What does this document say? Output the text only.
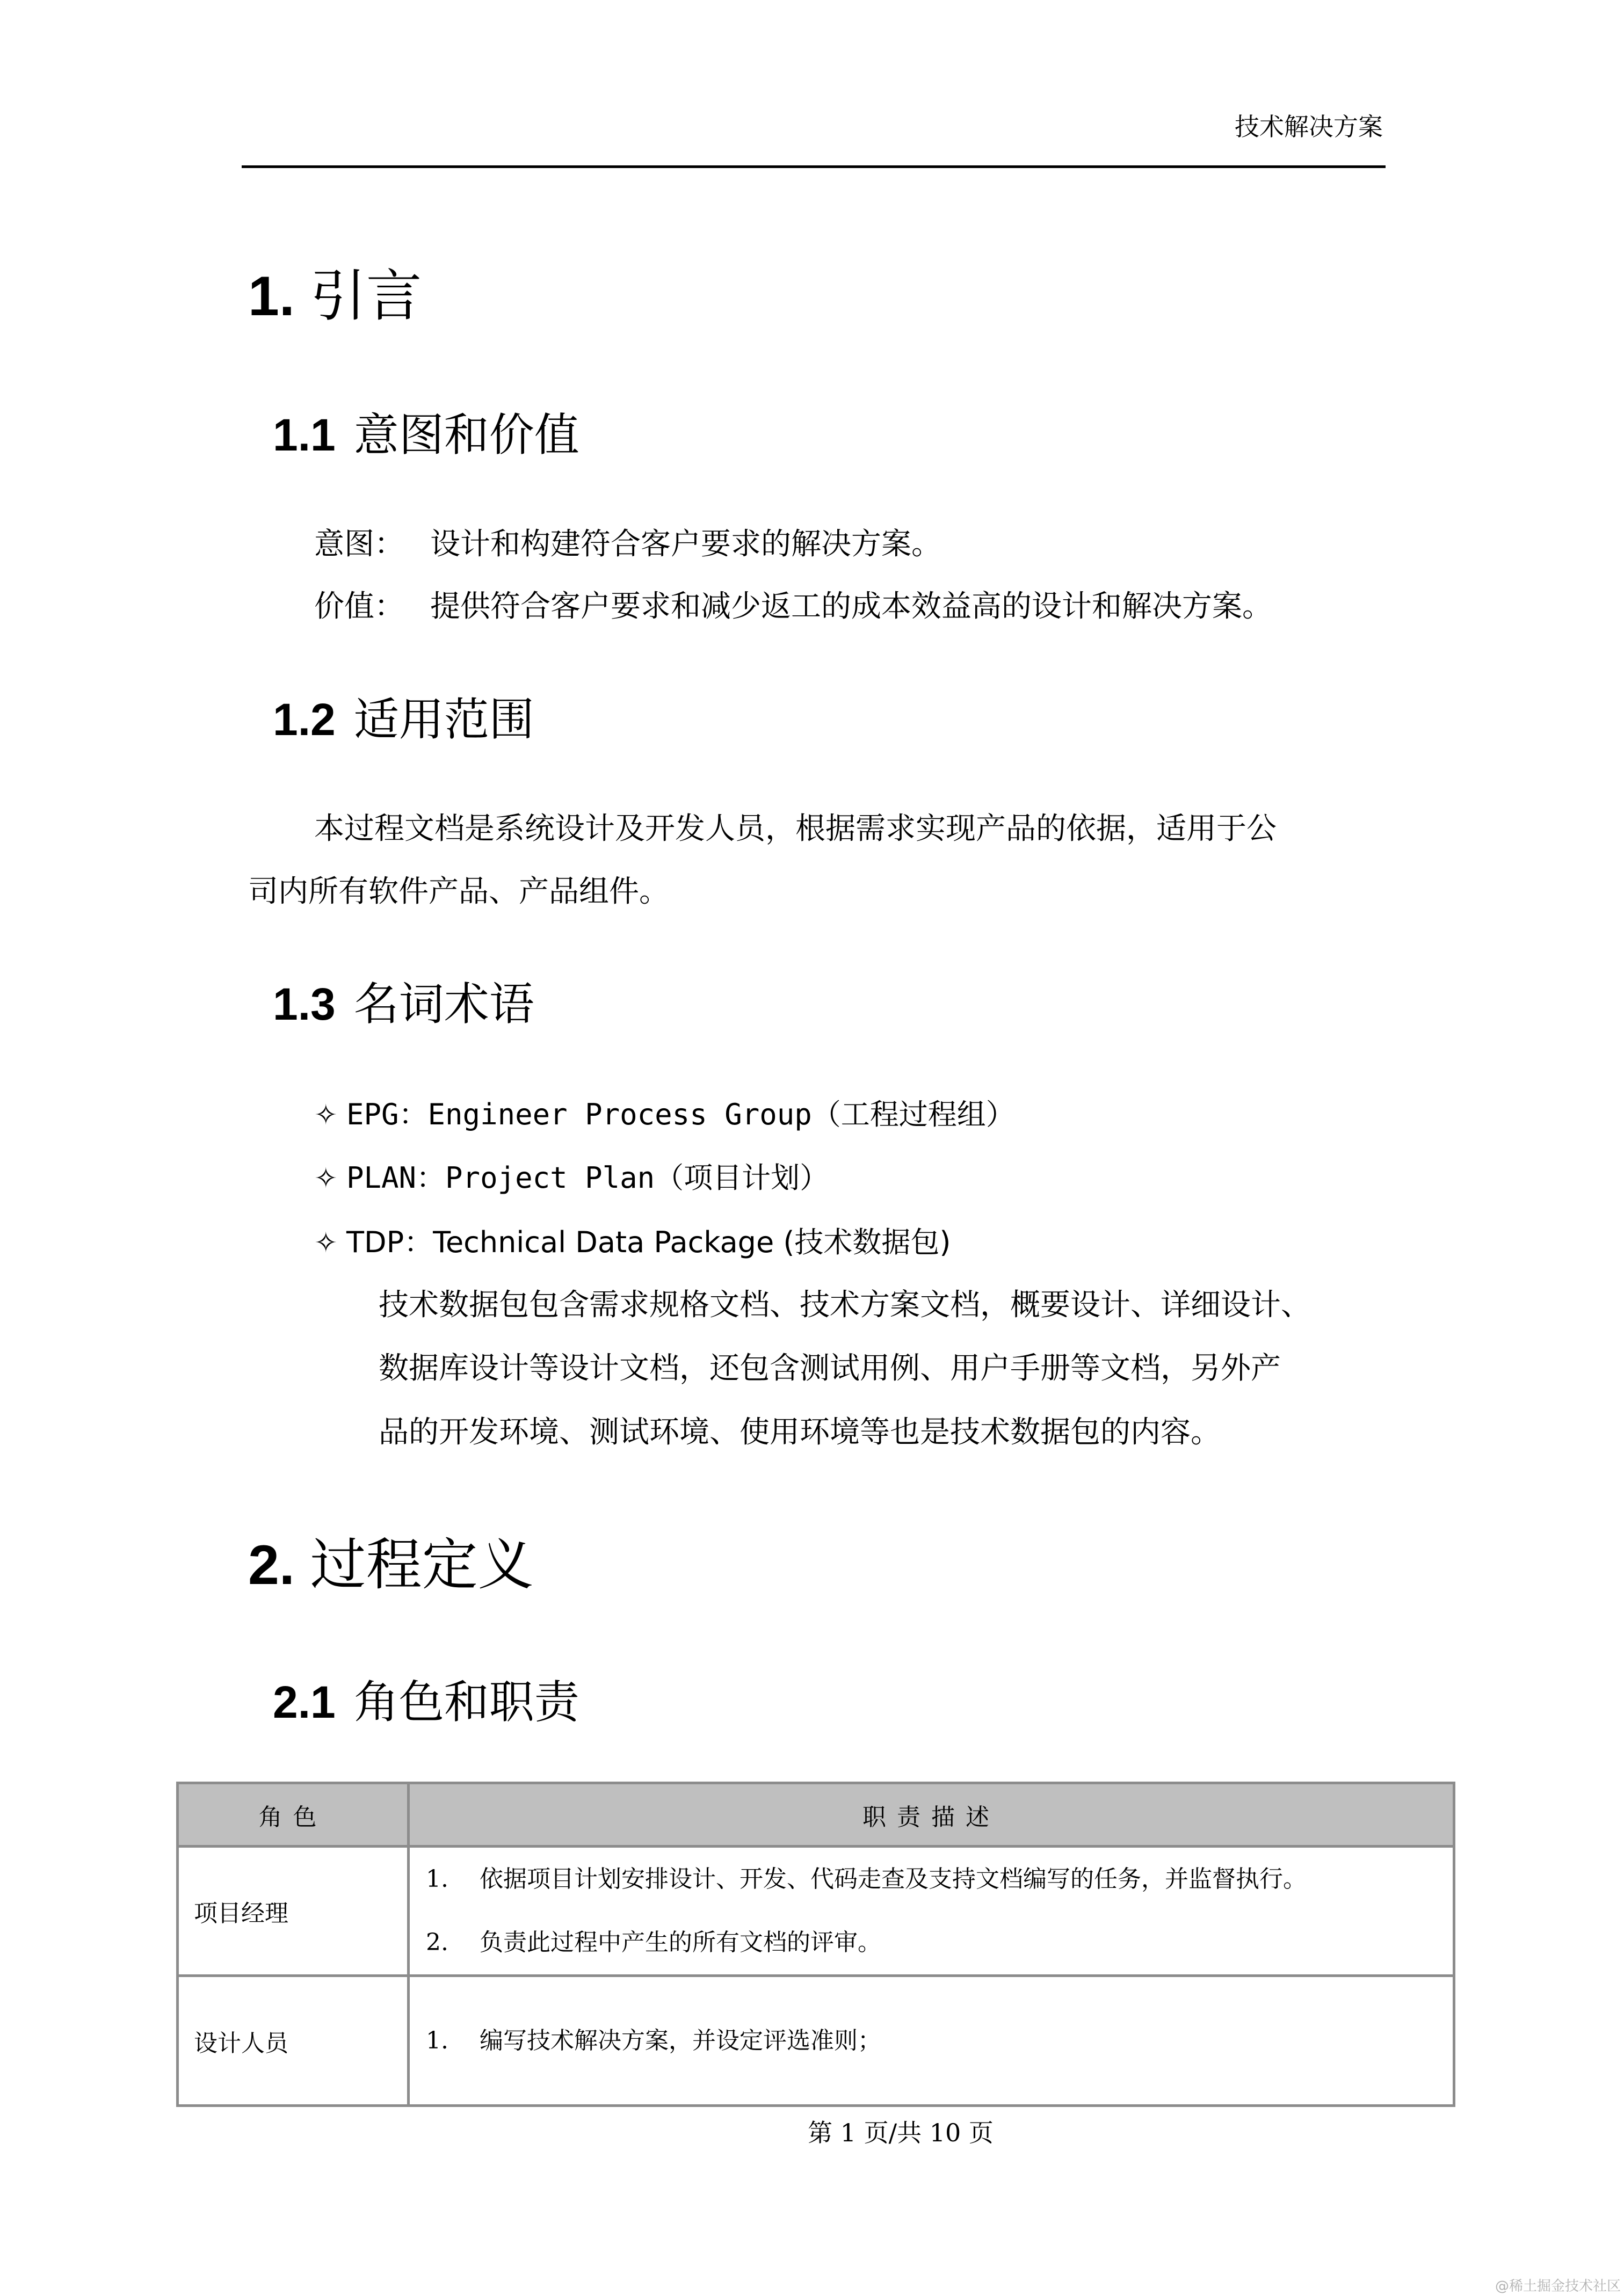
技术解决方案
1. 引言
1.1 意图和价值
意图： 设计和构建符合客户要求的解决方案。
价值： 提供符合客户要求和减少返工的成本效益高的设计和解决方案。
1.2 适用范围
本过程文档是系统设计及开发人员，根据需求实现产品的依据，适用于公
司内所有软件产品、产品组件。
1.3 名词术语
✧ EPG：Engineer Process Group（工程过程组）
✧ PLAN：Project Plan（项目计划）
✧ TDP：Technical Data Package (技术数据包)
技术数据包包含需求规格文档、技术方案文档，概要设计、详细设计、
数据库设计等设计文档，还包含测试用例、用户手册等文档，另外产
品的开发环境、测试环境、使用环境等也是技术数据包的内容。
2. 过程定义
2.1 角色和职责
角色	职责描述
项目经理	1. 依据项目计划安排设计、开发、代码走查及支持文档编写的任务，并监督执行。
2. 负责此过程中产生的所有文档的评审。

设计人员	1. 编写技术解决方案，并设定评选准则；
第 1 页/共 10 页
@稀土掘金技术社区
